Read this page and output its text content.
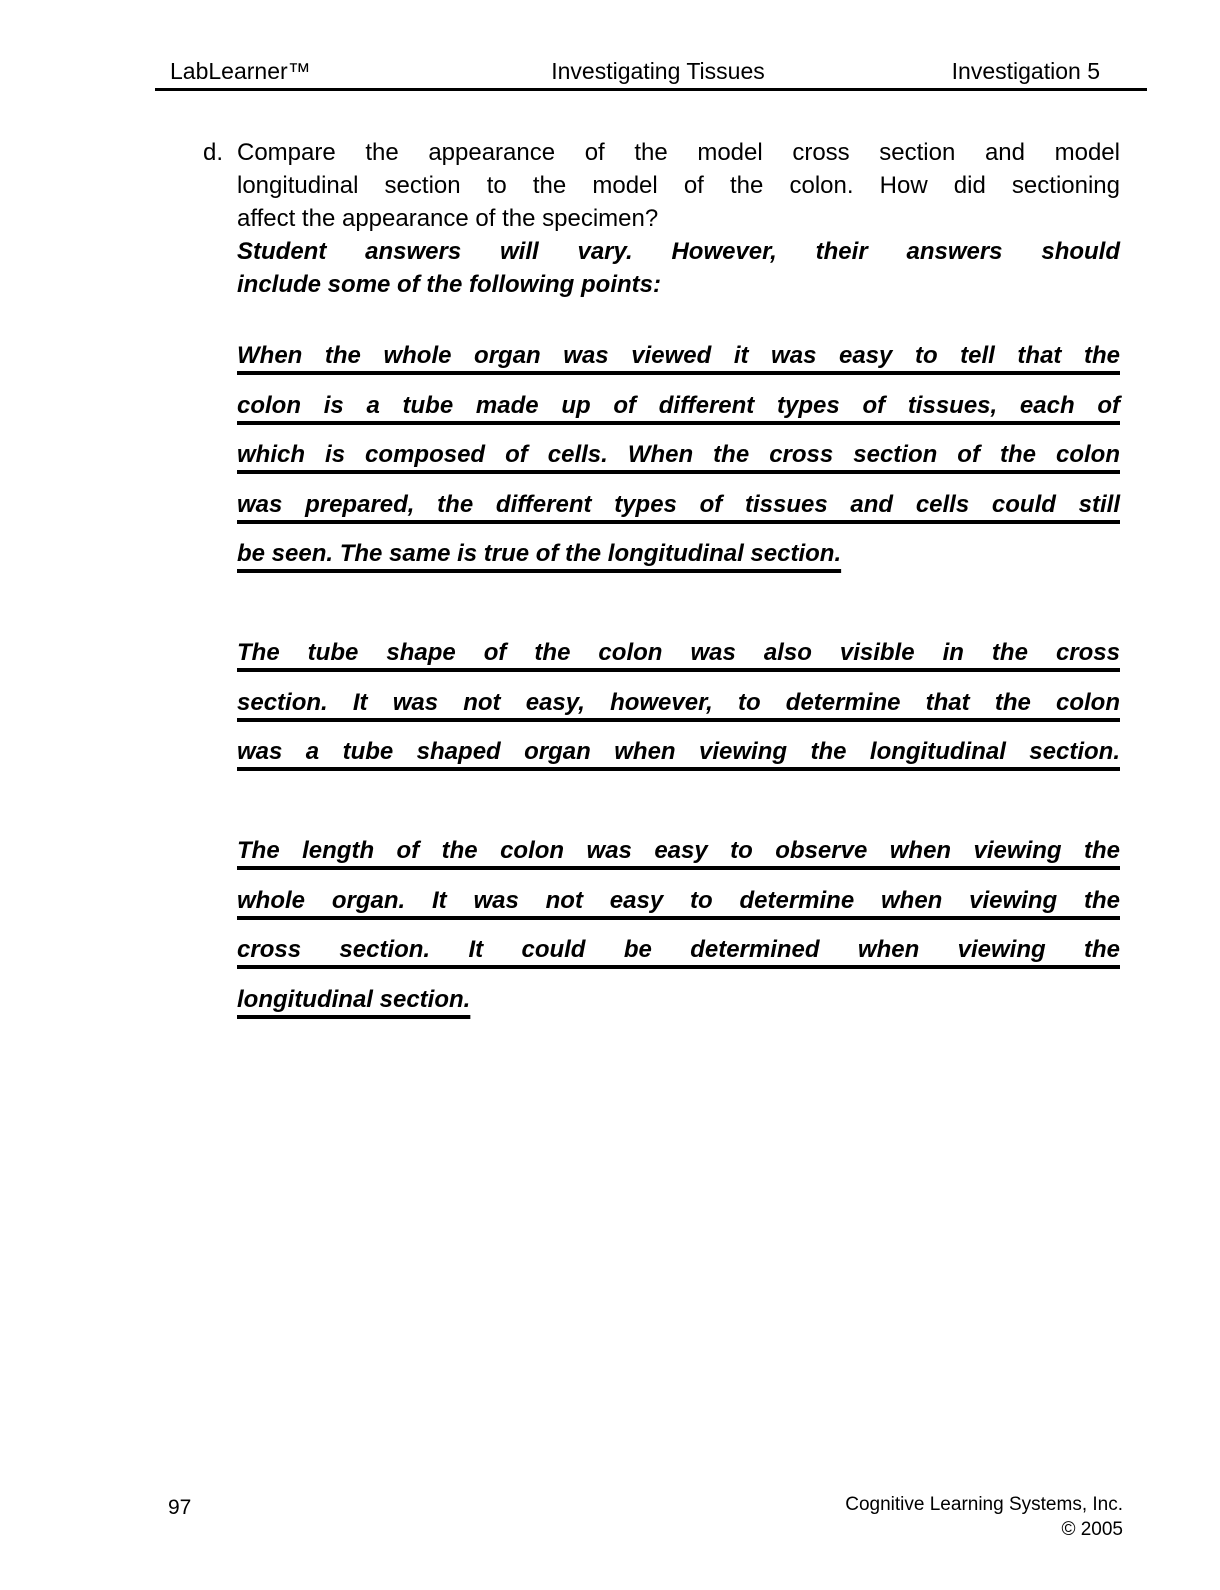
LabLearner™	Investigating Tissues	Investigation 5
d. Compare the appearance of the model cross section and model
longitudinal section to the model of the colon. How did sectioning
affect the appearance of the specimen?
Student answers will vary. However, their answers should
include some of the following points:
When the whole organ was viewed it was easy to tell that the
colon is a tube made up of different types of tissues, each of
which is composed of cells. When the cross section of the colon
was prepared, the different types of tissues and cells could still
be seen. The same is true of the longitudinal section.
The tube shape of the colon was also visible in the cross
section. It was not easy, however, to determine that the colon
was a tube shaped organ when viewing the longitudinal section.
The length of the colon was easy to observe when viewing the
whole organ. It was not easy to determine when viewing the
cross section. It could be determined when viewing the
longitudinal section.
97	Cognitive Learning Systems, Inc.
© 2005
